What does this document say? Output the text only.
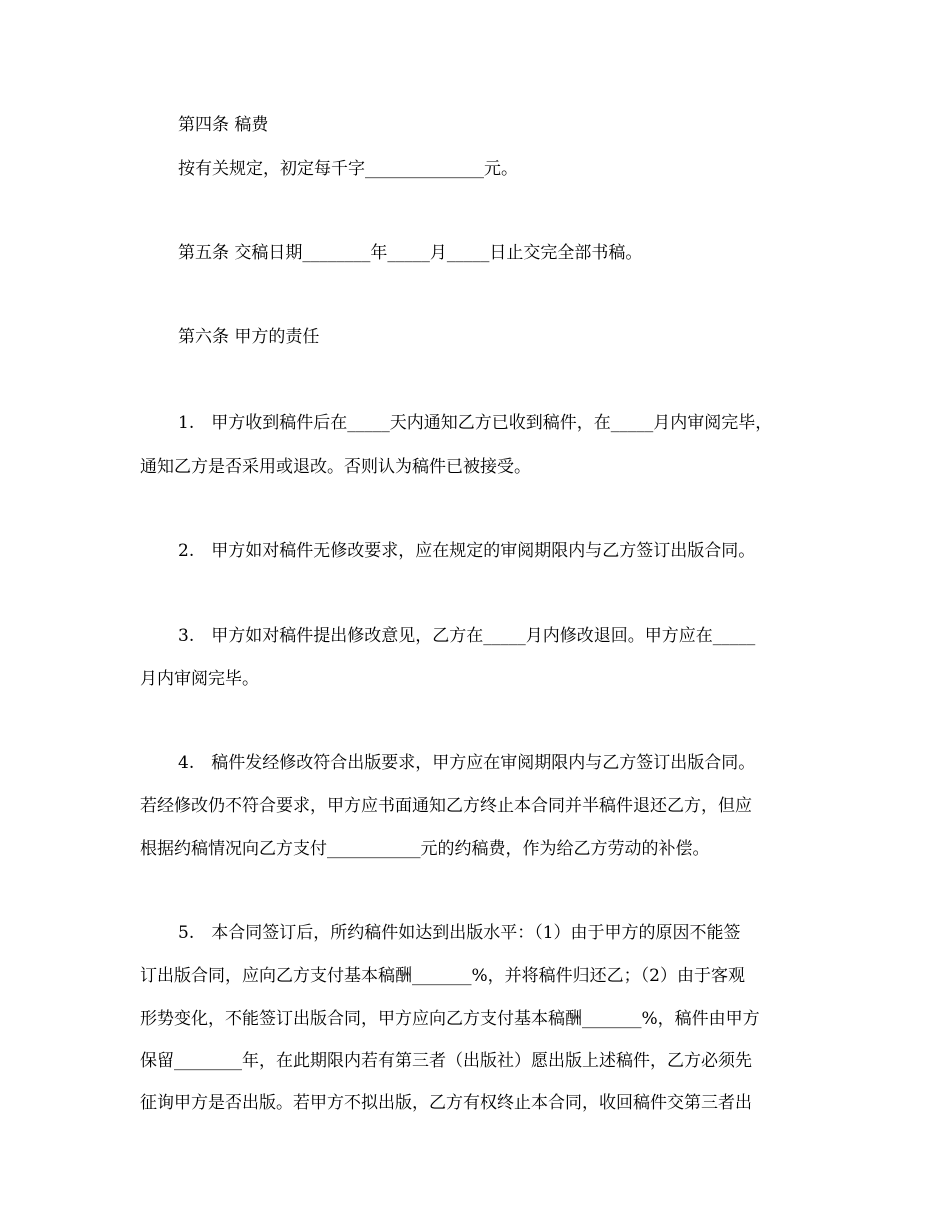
第四条 稿费
按有关规定，初定每千字______________元。
第五条 交稿日期________年_____月_____日止交完全部书稿。
第六条 甲方的责任
1.　甲方收到稿件后在_____天内通知乙方已收到稿件，在_____月内审阅完毕，
通知乙方是否采用或退改。否则认为稿件已被接受。
2.　甲方如对稿件无修改要求，应在规定的审阅期限内与乙方签订出版合同。
3.　甲方如对稿件提出修改意见，乙方在_____月内修改退回。甲方应在_____
月内审阅完毕。
4.　稿件发经修改符合出版要求，甲方应在审阅期限内与乙方签订出版合同。
若经修改仍不符合要求，甲方应书面通知乙方终止本合同并半稿件退还乙方，但应
根据约稿情况向乙方支付___________元的约稿费，作为给乙方劳动的补偿。
5.　本合同签订后，所约稿件如达到出版水平：（1）由于甲方的原因不能签
订出版合同，应向乙方支付基本稿酬_______%，并将稿件归还乙；（2）由于客观
形势变化，不能签订出版合同，甲方应向乙方支付基本稿酬_______%，稿件由甲方
保留________年，在此期限内若有第三者（出版社）愿出版上述稿件，乙方必须先
征询甲方是否出版。若甲方不拟出版，乙方有权终止本合同，收回稿件交第三者出
